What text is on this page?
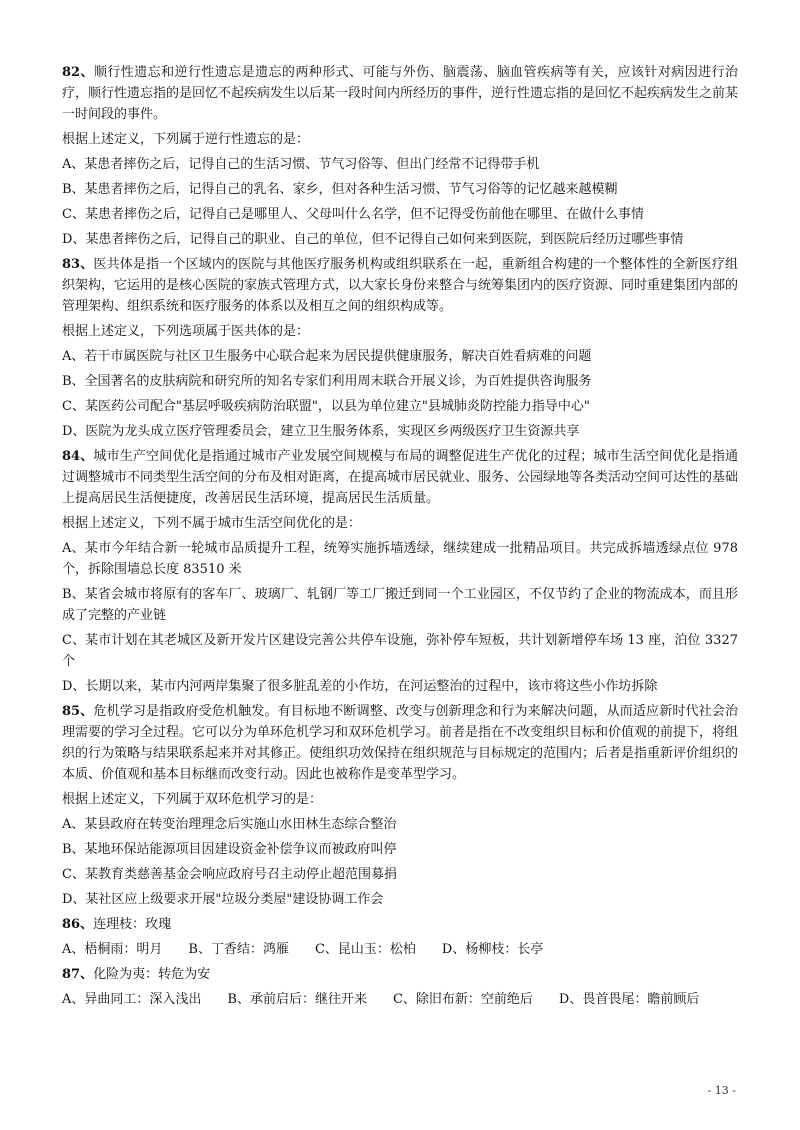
82、顺行性遗忘和逆行性遗忘是遗忘的两种形式、可能与外伤、脑震荡、脑血管疾病等有关，应该针对病因进行治疗，顺行性遗忘指的是回忆不起疾病发生以后某一段时间内所经历的事件，逆行性遗忘指的是回忆不起疾病发生之前某一时间段的事件。
根据上述定义，下列属于逆行性遗忘的是：
A、某患者摔伤之后，记得自己的生活习惯、节气习俗等、但出门经常不记得带手机
B、某患者摔伤之后，记得自己的乳名、家乡，但对各种生活习惯、节气习俗等的记忆越来越模糊
C、某患者摔伤之后，记得自己是哪里人、父母叫什么名学，但不记得受伤前他在哪里、在做什么事情
D、某患者摔伤之后，记得自己的职业、自己的单位，但不记得自己如何来到医院，到医院后经历过哪些事情
83、医共体是指一个区域内的医院与其他医疗服务机构或组织联系在一起，重新组合构建的一个整体性的全新医疗组织架构，它运用的是核心医院的家族式管理方式，以大家长身份来整合与统筹集团内的医疗资源、同时重建集团内部的管理架构、组织系统和医疗服务的体系以及相互之间的组织构成等。
根据上述定义，下列选项属于医共体的是：
A、若干市属医院与社区卫生服务中心联合起来为居民提供健康服务，解决百姓看病难的问题
B、全国著名的皮肤病院和研究所的知名专家们利用周末联合开展义诊，为百姓提供咨询服务
C、某医药公司配合"基层呼吸疾病防治联盟"，以县为单位建立"县城肺炎防控能力指导中心"
D、医院为龙头成立医疗管理委员会，建立卫生服务体系，实现区乡两级医疗卫生资源共享
84、城市生产空间优化是指通过城市产业发展空间规模与布局的调整促进生产优化的过程；城市生活空间优化是指通过调整城市不同类型生活空间的分布及相对距离，在提高城市居民就业、服务、公园绿地等各类活动空间可达性的基础上提高居民生活便捷度，改善居民生活环境，提高居民生活质量。
根据上述定义，下列不属于城市生活空间优化的是：
A、某市今年结合新一轮城市品质提升工程，统筹实施拆墙透绿，继续建成一批精品项目。共完成拆墙透绿点位 978 个，拆除围墙总长度 83510 米
B、某省会城市将原有的客车厂、玻璃厂、轧钢厂等工厂搬迁到同一个工业园区，不仅节约了企业的物流成本，而且形成了完整的产业链
C、某市计划在其老城区及新开发片区建设完善公共停车设施，弥补停车短板，共计划新增停车场 13 座，泊位 3327 个
D、长期以来，某市内河两岸集聚了很多脏乱差的小作坊，在河运整治的过程中，该市将这些小作坊拆除
85、危机学习是指政府受危机触发。有目标地不断调整、改变与创新理念和行为来解决问题，从而适应新时代社会治理需要的学习全过程。它可以分为单环危机学习和双环危机学习。前者是指在不改变组织目标和价值观的前提下，将组织的行为策略与结果联系起来并对其修正。使组织功效保持在组织规范与目标规定的范围内；后者是指重新评价组织的本质、价值观和基本目标继而改变行动。因此也被称作是变革型学习。
根据上述定义，下列属于双环危机学习的是：
A、某县政府在转变治理理念后实施山水田林生态综合整治
B、某地环保站能源项目因建设资金补偿争议而被政府叫停
C、某教育类慈善基金会响应政府号召主动停止超范围募捐
D、某社区应上级要求开展"垃圾分类屋"建设协调工作会
86、连理枝：玫瑰
A、梧桐雨：明月 B、丁香结：鸿雁 C、昆山玉：松柏 D、杨柳枝：长亭
87、化险为夷：转危为安
A、异曲同工：深入浅出 B、承前启后：继往开来 C、除旧布新：空前绝后 D、畏首畏尾：瞻前顾后
- 13 -
